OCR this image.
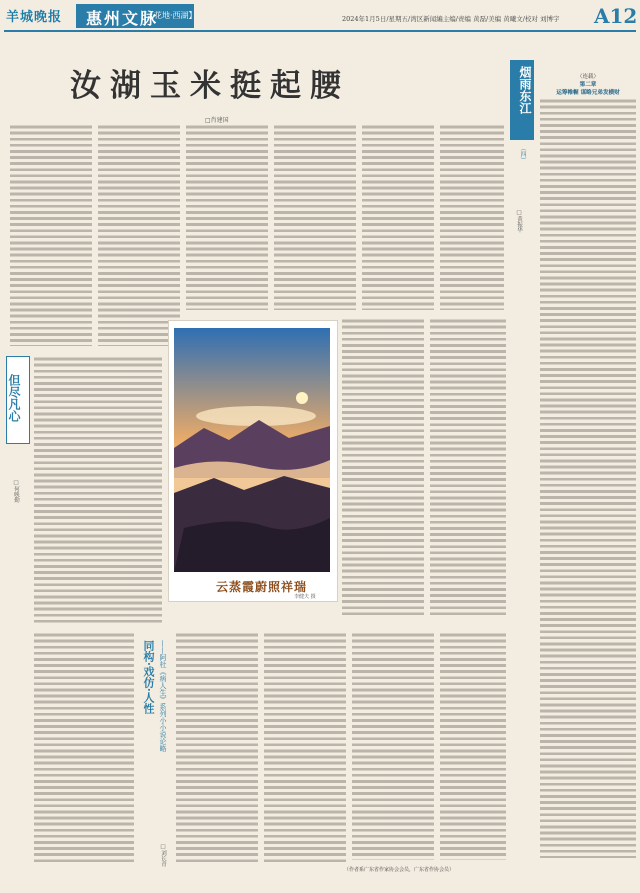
羊城晚报 惠州文脉
【花地·西湖】	2024年1月5日/星期五/湾区新闻編主编/责编 黄磊/美编 黄曦文/校对 刘博宇 A12
汝湖玉米挺起腰
□肖建国
烟雨东江
（四）
□黄振华
（连载）
第二章
运筹帷幄 谋略兄弟发横财
但尽凡心
□何映勤
云蒸霞蔚照祥瑞
李健夫 摄
同构·戏仿·人性 ——阿杜《病人生》系列小小说论略
□刘长青
（作者系广东省作家协会会员，广东省作协会员）
